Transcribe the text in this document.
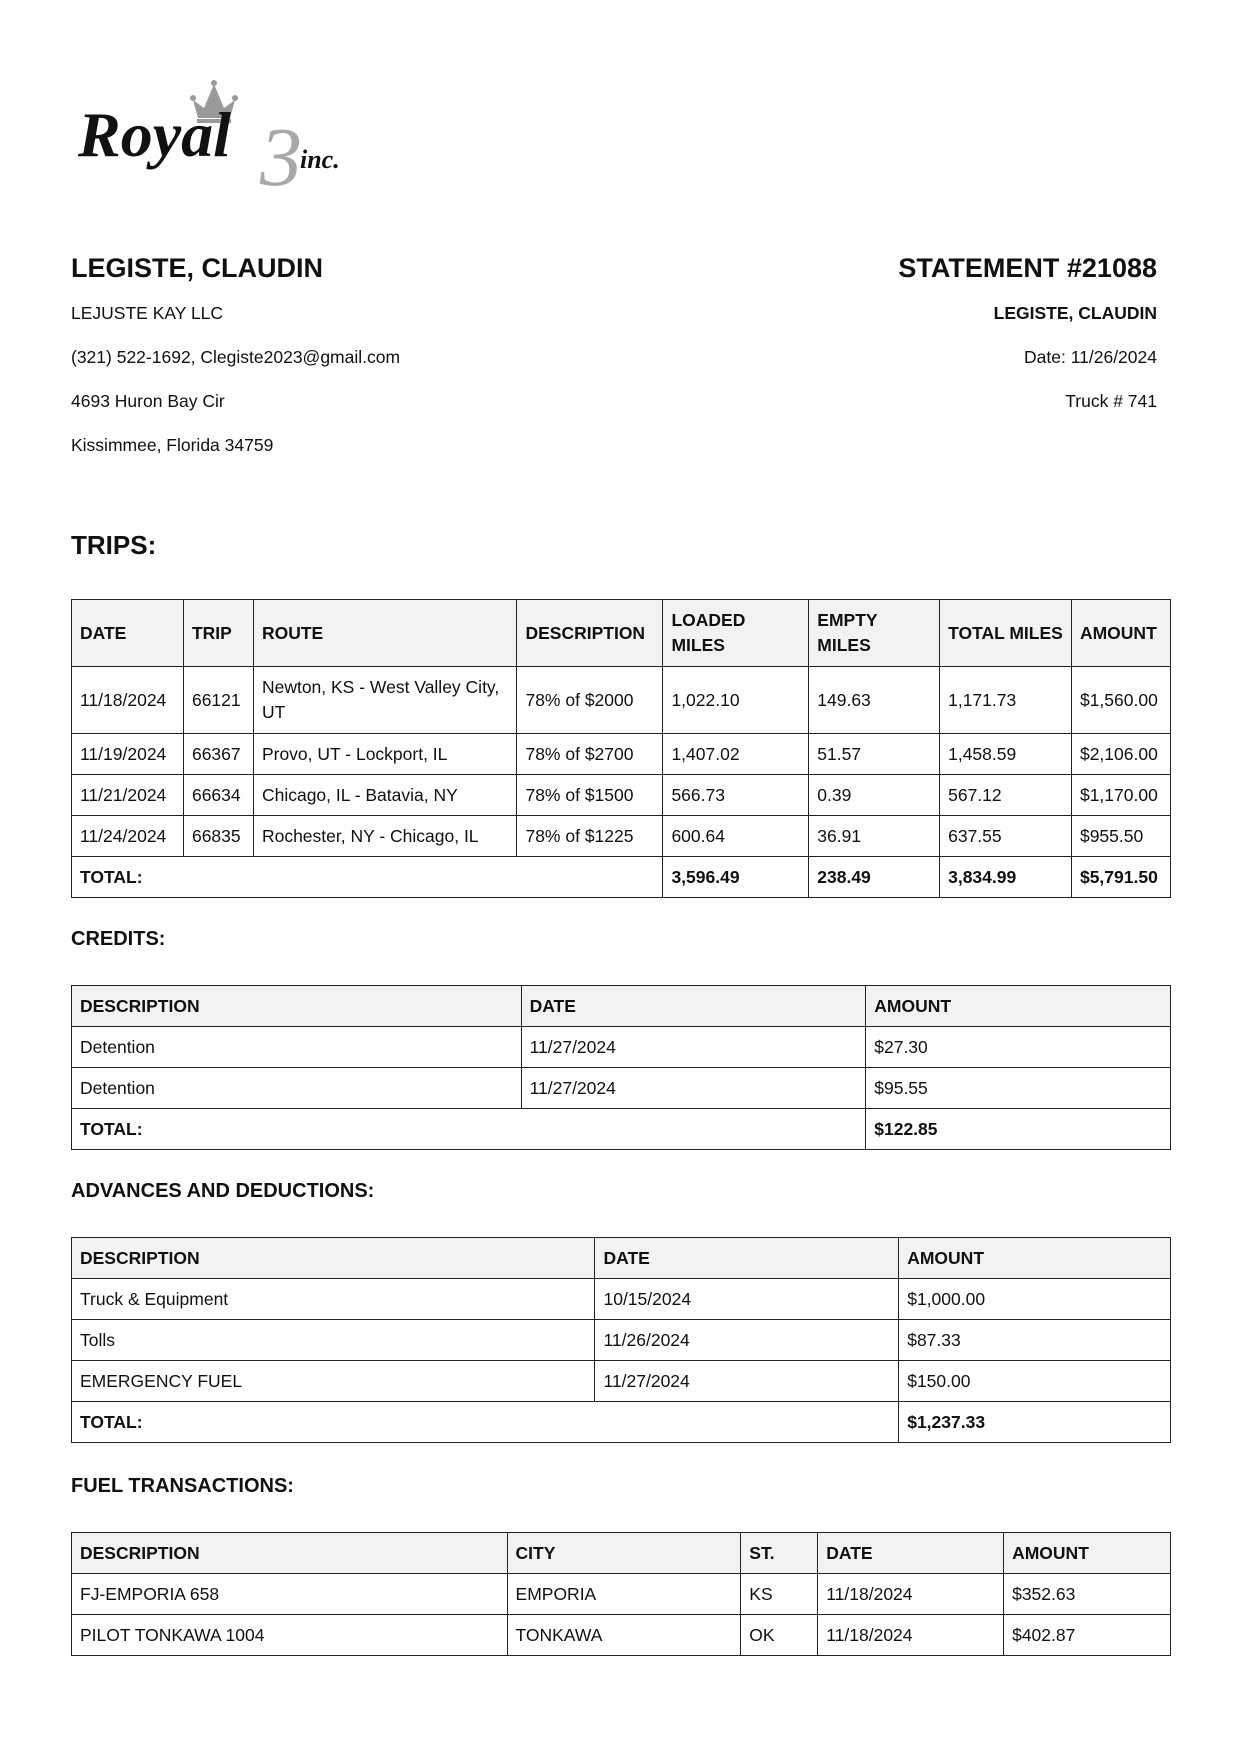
Royal 3
inc.
LEGISTE, CLAUDIN
LEJUSTE KAY LLC
(321) 522-1692, Clegiste2023@gmail.com
4693 Huron Bay Cir
Kissimmee, Florida 34759
STATEMENT #21088
LEGISTE, CLAUDIN
Date: 11/26/2024
Truck # 741
TRIPS:
DATE	TRIP	ROUTE	DESCRIPTION	LOADED MILES	EMPTY MILES	TOTAL MILES	AMOUNT
11/18/2024	66121	Newton, KS - West Valley City, UT	78% of $2000	1,022.10	149.63	1,171.73	$1,560.00
11/19/2024	66367	Provo, UT - Lockport, IL	78% of $2700	1,407.02	51.57	1,458.59	$2,106.00
11/21/2024	66634	Chicago, IL - Batavia, NY	78% of $1500	566.73	0.39	567.12	$1,170.00
11/24/2024	66835	Rochester, NY - Chicago, IL	78% of $1225	600.64	36.91	637.55	$955.50
TOTAL:				3,596.49	238.49	3,834.99	$5,791.50
CREDITS:
DESCRIPTION	DATE	AMOUNT
Detention	11/27/2024	$27.30
Detention	11/27/2024	$95.55
TOTAL:		$122.85
ADVANCES AND DEDUCTIONS:
DESCRIPTION	DATE	AMOUNT
Truck & Equipment	10/15/2024	$1,000.00
Tolls	11/26/2024	$87.33
EMERGENCY FUEL	11/27/2024	$150.00
TOTAL:		$1,237.33
FUEL TRANSACTIONS:
DESCRIPTION	CITY	ST.	DATE	AMOUNT
FJ-EMPORIA 658	EMPORIA	KS	11/18/2024	$352.63
PILOT TONKAWA 1004	TONKAWA	OK	11/18/2024	$402.87
